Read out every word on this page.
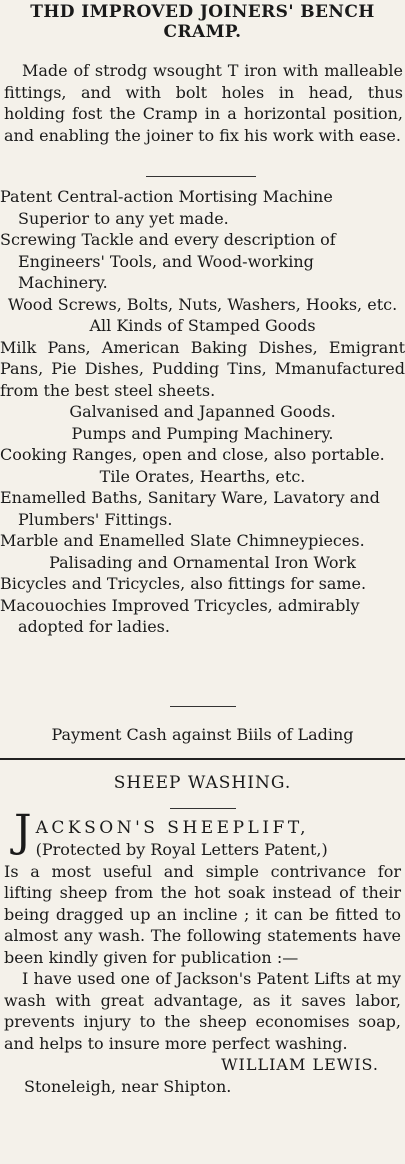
THD IMPROVED JOINERS' BENCH
CRAMP.

Made of strodg wsought T iron with malleable fittings, and with bolt holes in head, thus holding fost the Cramp in a horizontal position, and enabling the joiner to fix his work with ease.

Patent Central-action Mortising Machine Superior to any yet made.

Screwing Tackle and every description of Engineers' Tools, and Wood-working Machinery.

Wood Screws, Bolts, Nuts, Washers, Hooks, etc.

All Kinds of Stamped Goods

Milk Pans, American Baking Dishes, Emigrant Pans, Pie Dishes, Pudding Tins, Mmanufactured from the best steel sheets.

Galvanised and Japanned Goods.

Pumps and Pumping Machinery.

Cooking Ranges, open and close, also portable.

Tile Orates, Hearths, etc.

Enamelled Baths, Sanitary Ware, Lavatory and Plumbers' Fittings.

Marble and Enamelled Slate Chimneypieces.

Palisading and Ornamental Iron Work

Bicycles and Tricycles, also fittings for same.

Macouochies Improved Tricycles, admirably adopted for ladies.

Payment Cash against Biils of Lading

SHEEP WASHING.
J ACKSON'S SHEEPLIFT,
(Protected by Royal Letters Patent,)

Is a most useful and simple contrivance for lifting sheep from the hot soak instead of their being dragged up an incline ; it can be fitted to almost any wash. The following statements have been kindly given for publication :—

I have used one of Jackson's Patent Lifts at my wash with great advantage, as it saves labor, prevents injury to the sheep economises soap, and helps to insure more perfect washing.

WILLIAM LEWIS.

Stoneleigh, near Shipton.
